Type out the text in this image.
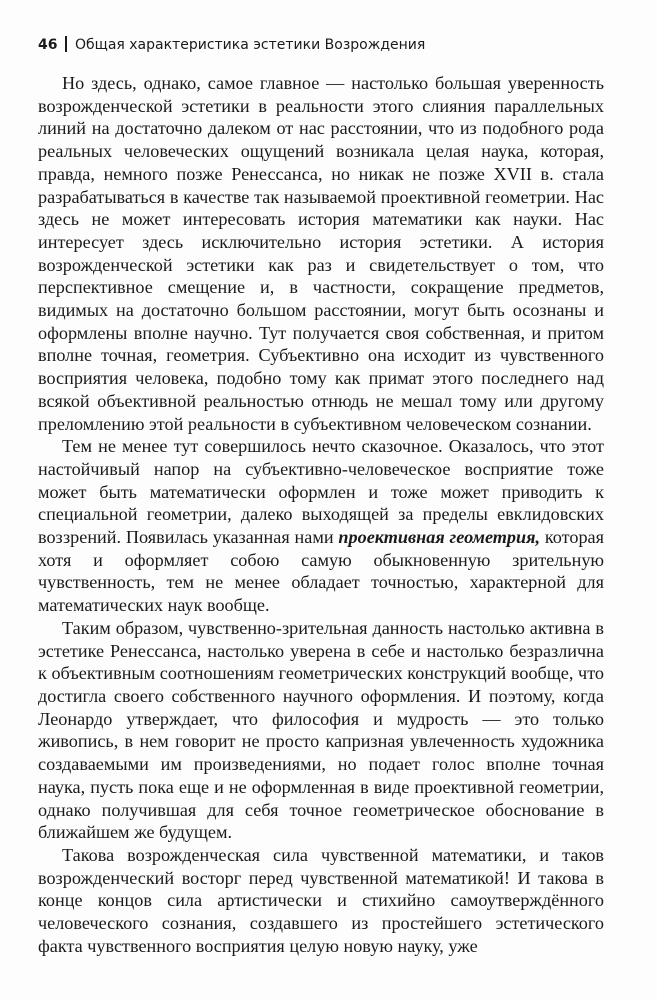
46 Общая характеристика эстетики Возрождения

Но здесь, однако, самое главное — настолько большая уверенность возрожденческой эстетики в реальности этого слияния параллельных линий на достаточно далеком от нас расстоянии, что из подобного рода реальных человеческих ощущений возникала целая наука, которая, правда, немного позже Ренессанса, но никак не позже XVII в. стала разрабатываться в качестве так называемой проективной геометрии. Нас здесь не может интересовать история математики как науки. Нас интересует здесь исключительно история эстетики. А история возрожденческой эстетики как раз и свидетельствует о том, что перспективное смещение и, в частности, сокращение предметов, видимых на достаточно большом расстоянии, могут быть осознаны и оформлены вполне научно. Тут получается своя собственная, и притом вполне точная, геометрия. Субъективно она исходит из чувственного восприятия человека, подобно тому как примат этого последнего над всякой объективной реальностью отнюдь не мешал тому или другому преломлению этой реальности в субъективном человеческом сознании.

Тем не менее тут совершилось нечто сказочное. Оказалось, что этот настойчивый напор на субъективно-человеческое восприятие тоже может быть математически оформлен и тоже может приводить к специальной геометрии, далеко выходящей за пределы евклидовских воззрений. Появилась указанная нами проективная геометрия, которая хотя и оформляет собою самую обыкновенную зрительную чувственность, тем не менее обладает точностью, характерной для математических наук вообще.

Таким образом, чувственно-зрительная данность настолько активна в эстетике Ренессанса, настолько уверена в себе и настолько безразлична к объективным соотношениям геометрических конструкций вообще, что достигла своего собственного научного оформления. И поэтому, когда Леонардо утверждает, что философия и мудрость — это только живопись, в нем говорит не просто капризная увлеченность художника создаваемыми им произведениями, но подает голос вполне точная наука, пусть пока еще и не оформленная в виде проективной геометрии, однако получившая для себя точное геометрическое обоснование в ближайшем же будущем.

Такова возрожденческая сила чувственной математики, и таков возрожденческий восторг перед чувственной математикой! И такова в конце концов сила артистически и стихийно самоутверждённого человеческого сознания, создавшего из простейшего эстетического факта чувственного восприятия целую новую науку, уже
